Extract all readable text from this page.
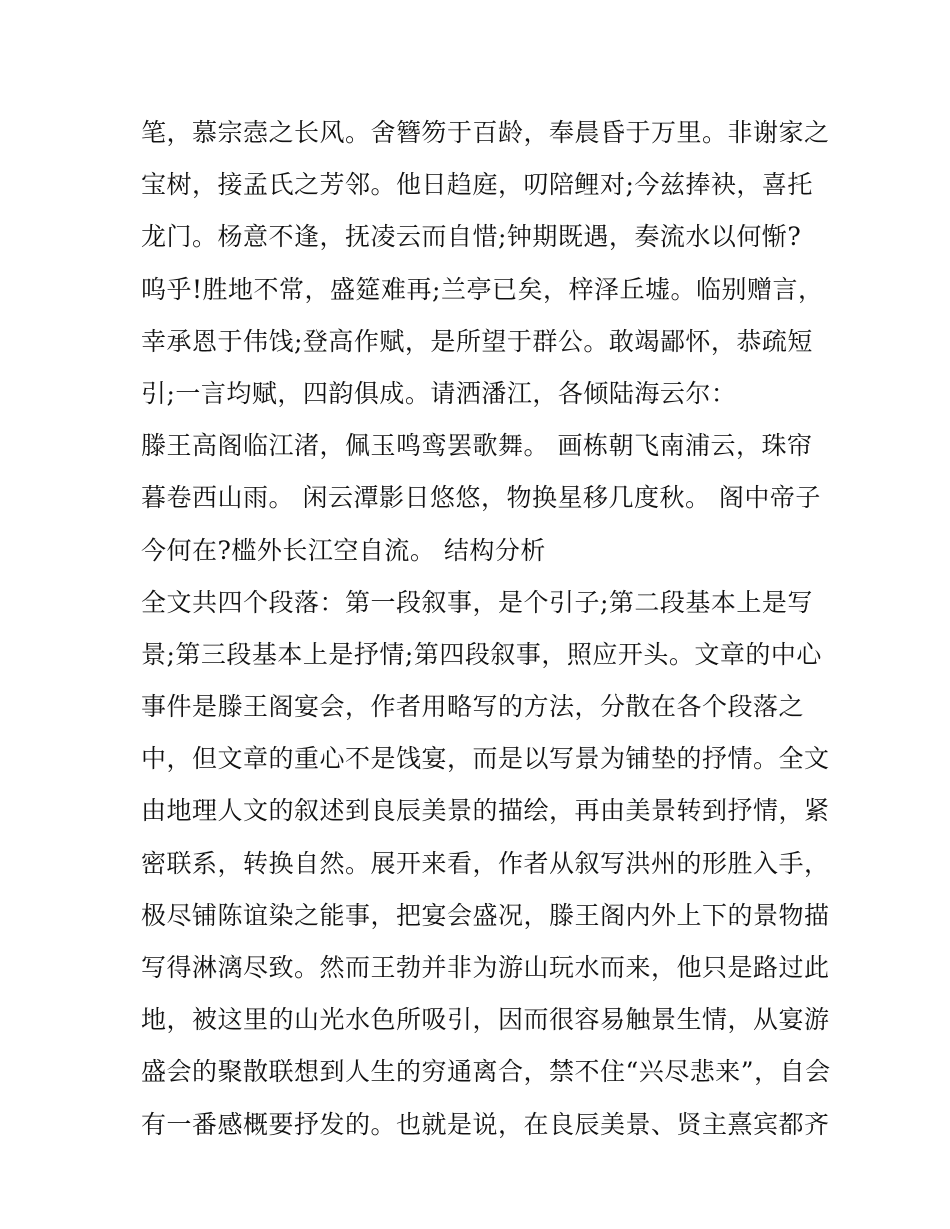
笔，慕宗悫之长风。舍簪笏于百龄，奉晨昏于万里。非谢家之
宝树，接孟氏之芳邻。他日趋庭，叨陪鲤对;今兹捧袂，喜托
龙门。杨意不逢，抚凌云而自惜;钟期既遇，奏流水以何惭?
呜乎!胜地不常，盛筵难再;兰亭已矣，梓泽丘墟。临别赠言，
幸承恩于伟饯;登高作赋，是所望于群公。敢竭鄙怀，恭疏短
引;一言均赋，四韵俱成。请洒潘江，各倾陆海云尔：
滕王高阁临江渚，佩玉鸣鸾罢歌舞。 画栋朝飞南浦云，珠帘
暮卷西山雨。 闲云潭影日悠悠，物换星移几度秋。 阁中帝子
今何在?槛外长江空自流。 结构分析
全文共四个段落：第一段叙事，是个引子;第二段基本上是写
景;第三段基本上是抒情;第四段叙事，照应开头。文章的中心
事件是滕王阁宴会，作者用略写的方法，分散在各个段落之
中，但文章的重心不是饯宴，而是以写景为铺垫的抒情。全文
由地理人文的叙述到良辰美景的描绘，再由美景转到抒情，紧
密联系，转换自然。展开来看，作者从叙写洪州的形胜入手，
极尽铺陈谊染之能事，把宴会盛况，滕王阁内外上下的景物描
写得淋漓尽致。然而王勃并非为游山玩水而来，他只是路过此
地，被这里的山光水色所吸引，因而很容易触景生情，从宴游
盛会的聚散联想到人生的穷通离合，禁不住“兴尽悲来”，自会
有一番感概要抒发的。也就是说，在良辰美景、贤主熹宾都齐
